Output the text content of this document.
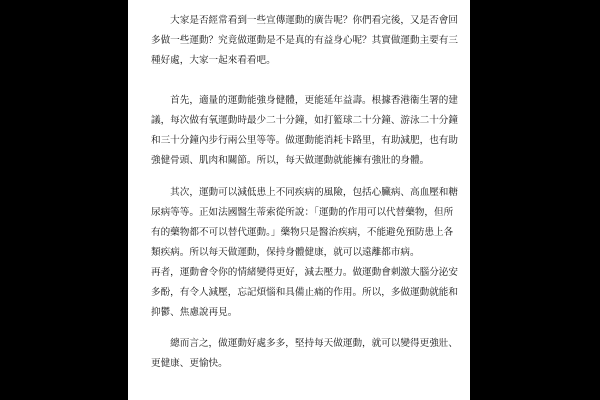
　　大家是否經常看到一些宣傳運動的廣告呢？你們看完後，又是否會回
多做一些運動？究竟做運動是不是真的有益身心呢？其實做運動主要有三
種好處，大家一起來看看吧。
　　首先，適量的運動能強身健體，更能延年益壽。根據香港衞生署的建
議，每次做有氧運動時最少二十分鐘，如打籃球二十分鐘、游泳二十分鐘
和三十分鐘內步行兩公里等等。做運動能消耗卡路里，有助減肥，也有助
強健骨頭、肌肉和關節。所以，每天做運動就能擁有強壯的身體。
　　其次，運動可以減低患上不同疾病的風險，包括心臟病、高血壓和糖
尿病等等。正如法國醫生蒂索從所說：「運動的作用可以代替藥物，但所
有的藥物都不可以替代運動。」藥物只是醫治疾病，不能避免預防患上各
類疾病。所以每天做運動，保持身體健康，就可以遠離都市病。
再者，運動會令你的情緒變得更好，減去壓力。做運動會刺激大腦分泌安
多酚，有令人減壓，忘記煩惱和具備止痛的作用。所以，多做運動就能和
抑鬱、焦慮說再見。
　　總而言之，做運動好處多多，堅持每天做運動，就可以變得更強壯、
更健康、更愉快。
